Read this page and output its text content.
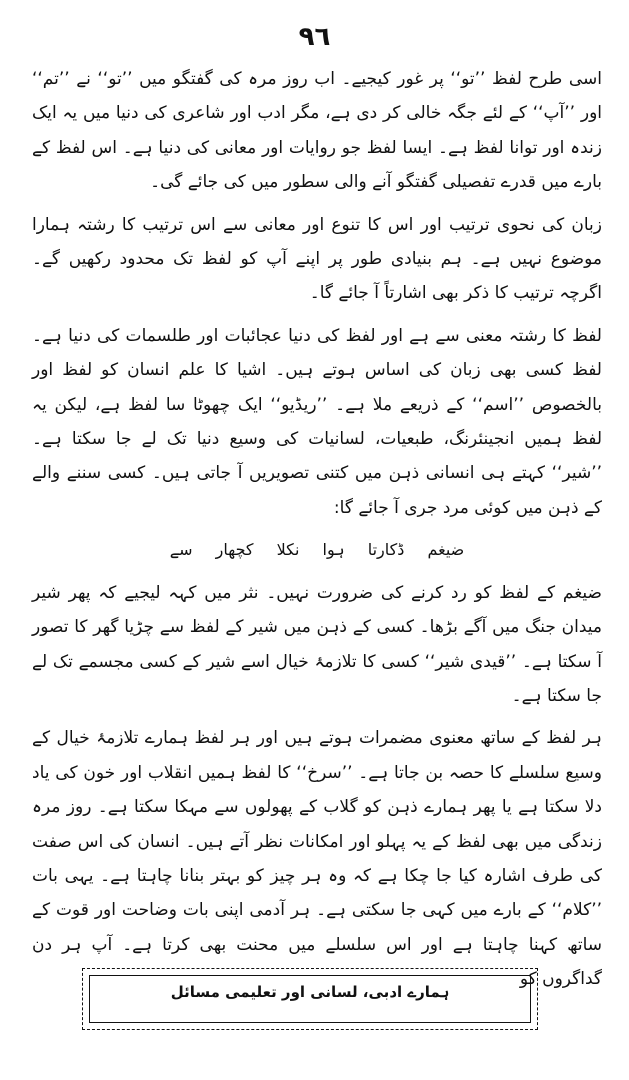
٩٦

اسی طرح لفظ ’’تو‘‘ پر غور کیجیے۔ اب روز مرہ کی گفتگو میں ’’تو‘‘ نے ’’تم‘‘ اور ’’آپ‘‘ کے لئے جگہ خالی کر دی ہے، مگر ادب اور شاعری کی دنیا میں یہ ایک زندہ اور توانا لفظ ہے۔ ایسا لفظ جو روایات اور معانی کی دنیا ہے۔ اس لفظ کے بارے میں قدرے تفصیلی گفتگو آنے والی سطور میں کی جائے گی۔

زبان کی نحوی ترتیب اور اس کا تنوع اور معانی سے اس ترتیب کا رشتہ ہمارا موضوع نہیں ہے۔ ہم بنیادی طور پر اپنے آپ کو لفظ تک محدود رکھیں گے۔ اگرچہ ترتیب کا ذکر بھی اشارتاً آ جائے گا۔

لفظ کا رشتہ معنی سے ہے اور لفظ کی دنیا عجائبات اور طلسمات کی دنیا ہے۔ لفظ کسی بھی زبان کی اساس ہوتے ہیں۔ اشیا کا علم انسان کو لفظ اور بالخصوص ’’اسم‘‘ کے ذریعے ملا ہے۔ ’’ریڈیو‘‘ ایک چھوٹا سا لفظ ہے، لیکن یہ لفظ ہمیں انجینئرنگ، طبعیات، لسانیات کی وسیع دنیا تک لے جا سکتا ہے۔ ’’شیر‘‘ کہتے ہی انسانی ذہن میں کتنی تصویریں آ جاتی ہیں۔ کسی سننے والے کے ذہن میں کوئی مرد جری آ جائے گا:

ضیغم ڈکارتا ہوا نکلا کچھار سے

ضیغم کے لفظ کو رد کرنے کی ضرورت نہیں۔ نثر میں کہہ لیجیے کہ پھر شیر میدان جنگ میں آگے بڑھا۔ کسی کے ذہن میں شیر کے لفظ سے چڑیا گھر کا تصور آ سکتا ہے۔ ’’قیدی شیر‘‘ کسی کا تلازمۂ خیال اسے شیر کے کسی مجسمے تک لے جا سکتا ہے۔

ہر لفظ کے ساتھ معنوی مضمرات ہوتے ہیں اور ہر لفظ ہمارے تلازمۂ خیال کے وسیع سلسلے کا حصہ بن جاتا ہے۔ ’’سرخ‘‘ کا لفظ ہمیں انقلاب اور خون کی یاد دلا سکتا ہے یا پھر ہمارے ذہن کو گلاب کے پھولوں سے مہکا سکتا ہے۔ روز مرہ زندگی میں بھی لفظ کے یہ پہلو اور امکانات نظر آتے ہیں۔ انسان کی اس صفت کی طرف اشارہ کیا جا چکا ہے کہ وہ ہر چیز کو بہتر بنانا چاہتا ہے۔ یہی بات ’’کلام‘‘ کے بارے میں کہی جا سکتی ہے۔ ہر آدمی اپنی بات وضاحت اور قوت کے ساتھ کہنا چاہتا ہے اور اس سلسلے میں محنت بھی کرتا ہے۔ آپ ہر دن گداگروں کو

ہمارے ادبی، لسانی اور تعلیمی مسائل
